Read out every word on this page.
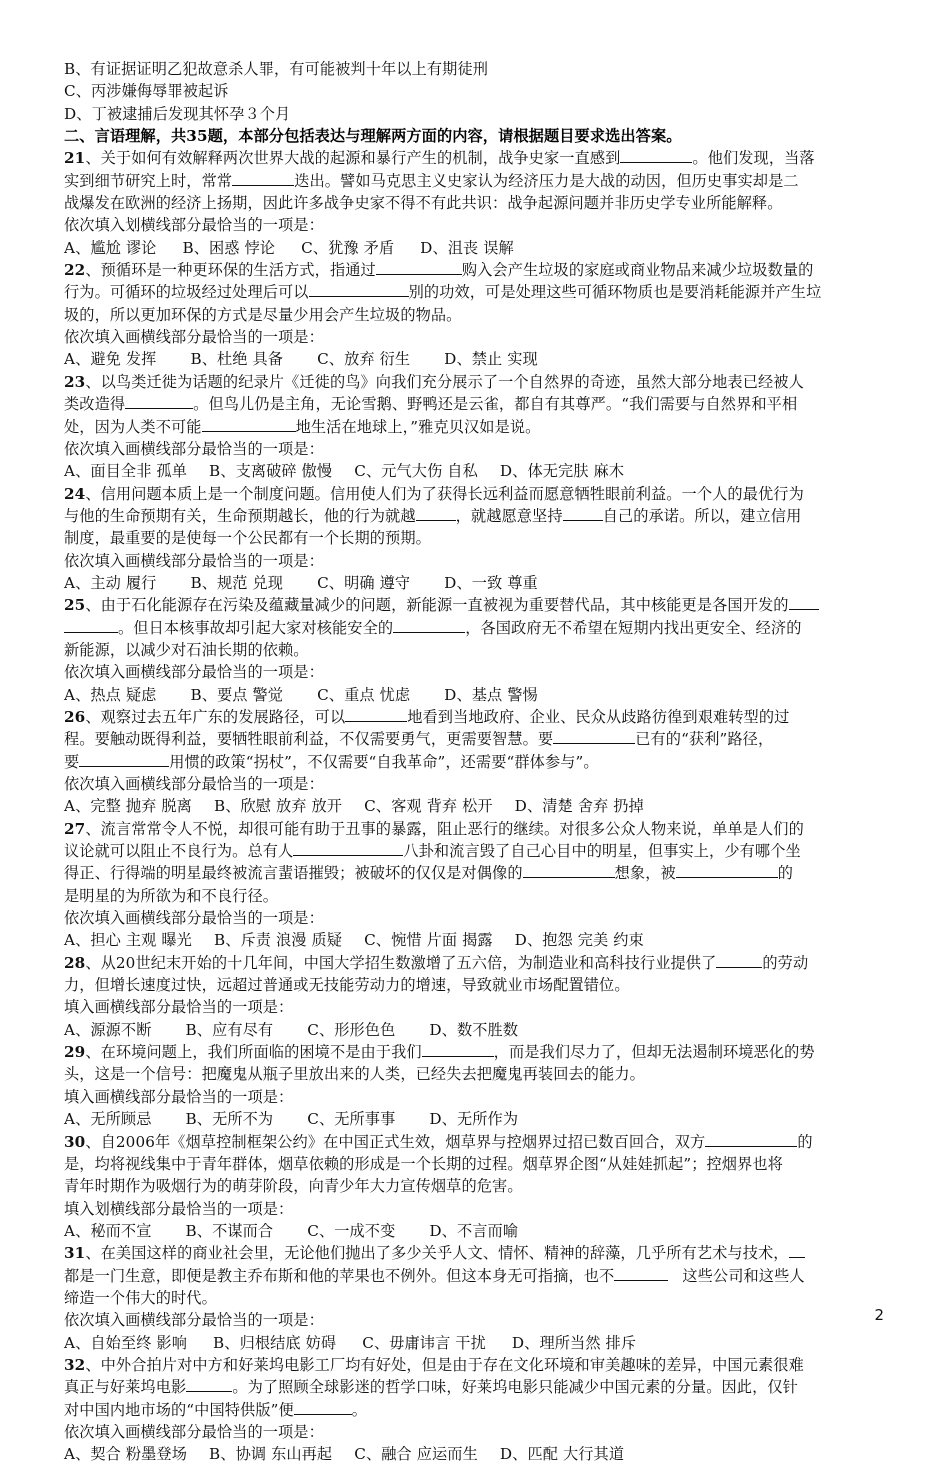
B、有证据证明乙犯故意杀人罪，有可能被判十年以上有期徒刑

C、丙涉嫌侮辱罪被起诉

D、丁被逮捕后发现其怀孕３个月

二、言语理解，共35题，本部分包括表达与理解两方面的内容，请根据题目要求选出答案。

21、关于如何有效解释两次世界大战的起源和暴行产生的机制，战争史家一直感到	。他们发现，当落

实到细节研究上时，常常	迭出。譬如马克思主义史家认为经济压力是大战的动因，但历史事实却是二

战爆发在欧洲的经济上扬期，因此许多战争史家不得不有此共识：战争起源问题并非历史学专业所能解释。

依次填入划横线部分最恰当的一项是：

A、尴尬 谬论 B、困惑 悖论 C、犹豫 矛盾 D、沮丧 误解

22、预循环是一种更环保的生活方式，指通过	购入会产生垃圾的家庭或商业物品来减少垃圾数量的

行为。可循环的垃圾经过处理后可以	别的功效，可是处理这些可循环物质也是要消耗能源并产生垃

圾的，所以更加环保的方式是尽量少用会产生垃圾的物品。

依次填入画横线部分最恰当的一项是：

A、避免 发挥 B、杜绝 具备 C、放弃 衍生 D、禁止 实现

23、以鸟类迁徙为话题的纪录片《迁徙的鸟》向我们充分展示了一个自然界的奇迹，虽然大部分地表已经被人

类改造得	。但鸟儿仍是主角，无论雪鹅、野鸭还是云雀，都自有其尊严。“我们需要与自然界和平相

处，因为人类不可能	地生活在地球上，”雅克贝汉如是说。

依次填入画横线部分最恰当的一项是：

A、面目全非 孤单 B、支离破碎 傲慢 C、元气大伤 自私 D、体无完肤 麻木

24、信用问题本质上是一个制度问题。信用使人们为了获得长远利益而愿意牺牲眼前利益。一个人的最优行为

与他的生命预期有关，生命预期越长，他的行为就越	，就越愿意坚持	自己的承诺。所以，建立信用

制度，最重要的是使每一个公民都有一个长期的预期。

依次填入画横线部分最恰当的一项是：

A、主动 履行 B、规范 兑现 C、明确 遵守 D、一致 尊重

25、由于石化能源存在污染及蕴藏量减少的问题，新能源一直被视为重要替代品，其中核能更是各国开发的

。但日本核事故却引起大家对核能安全的	，各国政府无不希望在短期内找出更安全、经济的

新能源，以减少对石油长期的依赖。

依次填入画横线部分最恰当的一项是：

A、热点 疑虑 B、要点 警觉 C、重点 忧虑 D、基点 警惕

26、观察过去五年广东的发展路径，可以	地看到当地政府、企业、民众从歧路彷徨到艰难转型的过

程。要触动既得利益，要牺牲眼前利益，不仅需要勇气，更需要智慧。要	已有的“获利”路径，

要	用惯的政策“拐杖”，不仅需要“自我革命”，还需要“群体参与”。

依次填入画横线部分最恰当的一项是：

A、完整 抛弃 脱离 B、欣慰 放弃 放开 C、客观 背弃 松开 D、清楚 舍弃 扔掉

27、流言常常令人不悦，却很可能有助于丑事的暴露，阻止恶行的继续。对很多公众人物来说，单单是人们的

议论就可以阻止不良行为。总有人	八卦和流言毁了自己心目中的明星，但事实上，少有哪个坐

得正、行得端的明星最终被流言蜚语摧毁；被破坏的仅仅是对偶像的	想象，被	的

是明星的为所欲为和不良行径。

依次填入画横线部分最恰当的一项是：

A、担心 主观 曝光 B、斥责 浪漫 质疑 C、惋惜 片面 揭露 D、抱怨 完美 约束

28、从20世纪末开始的十几年间，中国大学招生数激增了五六倍，为制造业和高科技行业提供了	的劳动

力，但增长速度过快，远超过普通或无技能劳动力的增速，导致就业市场配置错位。

填入画横线部分最恰当的一项是：

A、源源不断 B、应有尽有 C、形形色色 D、数不胜数

29、在环境问题上，我们所面临的困境不是由于我们	，而是我们尽力了，但却无法遏制环境恶化的势

头，这是一个信号：把魔鬼从瓶子里放出来的人类，已经失去把魔鬼再装回去的能力。

填入画横线部分最恰当的一项是：

A、无所顾忌 B、无所不为 C、无所事事 D、无所作为

30、自2006年《烟草控制框架公约》在中国正式生效，烟草界与控烟界过招已数百回合，双方	的

是，均将视线集中于青年群体，烟草依赖的形成是一个长期的过程。烟草界企图“从娃娃抓起”；控烟界也将

青年时期作为吸烟行为的萌芽阶段，向青少年大力宣传烟草的危害。

填入划横线部分最恰当的一项是：

A、秘而不宣 B、不谋而合 C、一成不变 D、不言而喻

31、在美国这样的商业社会里，无论他们抛出了多少关乎人文、情怀、精神的辞藻，几乎所有艺术与技术，

都是一门生意，即便是教主乔布斯和他的苹果也不例外。但这本身无可指摘，也不	这些公司和这些人

缔造一个伟大的时代。

依次填入画横线部分最恰当的一项是：

A、自始至终 影响 B、归根结底 妨碍 C、毋庸讳言 干扰 D、理所当然 排斥

32、中外合拍片对中方和好莱坞电影工厂均有好处，但是由于存在文化环境和审美趣味的差异，中国元素很难

真正与好莱坞电影	。为了照顾全球影迷的哲学口味，好莱坞电影只能减少中国元素的分量。因此，仅针

对中国内地市场的“中国特供版”便	。

依次填入画横线部分最恰当的一项是：

A、契合 粉墨登场 B、协调 东山再起 C、融合 应运而生 D、匹配 大行其道

2
